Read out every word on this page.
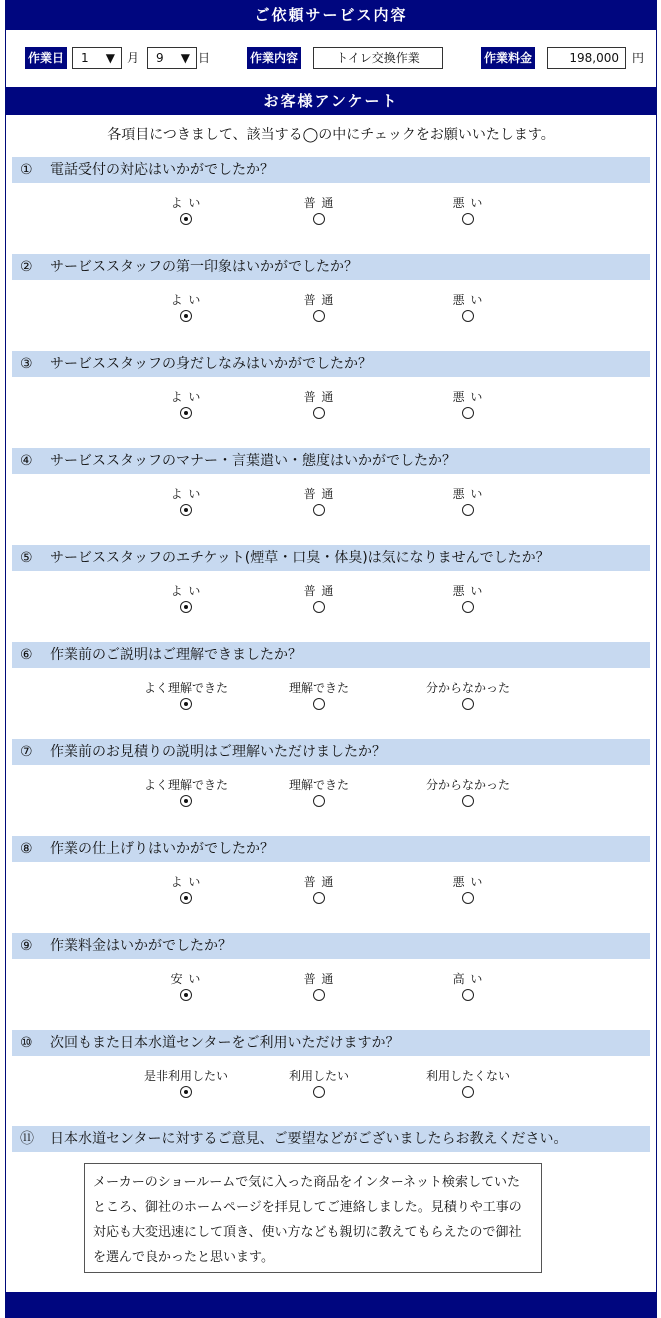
ご依頼サービス内容
作業日	1 ▼ 月	9 ▼ 日	作業内容	トイレ交換作業	作業料金	198,000	円
お客様アンケート
各項目につきまして、該当する◯の中にチェックをお願いいたします。
① 電話受付の対応はいかがでしたか？
よ い	普 通	悪 い
② サービススタッフの第一印象はいかがでしたか？
よ い	普 通	悪 い
③ サービススタッフの身だしなみはいかがでしたか？
よ い	普 通	悪 い
④ サービススタッフのマナー・言葉遣い・態度はいかがでしたか？
よ い	普 通	悪 い
⑤ サービススタッフのエチケット(煙草・口臭・体臭)は気になりませんでしたか？
よ い	普 通	悪 い
⑥ 作業前のご説明はご理解できましたか？
よく理解できた	理解できた	分からなかった
⑦ 作業前のお見積りの説明はご理解いただけましたか？
よく理解できた	理解できた	分からなかった
⑧ 作業の仕上げりはいかがでしたか？
よ い	普 通	悪 い
⑨ 作業料金はいかがでしたか？
安 い	普 通	高 い
⑩ 次回もまた日本水道センターをご利用いただけますか？
是非利用したい	利用したい	利用したくない
⑪ 日本水道センターに対するご意見、ご要望などがございましたらお教えください。
メーカーのショールームで気に入った商品をインターネット検索していたところ、御社のホームページを拝見してご連絡しました。見積りや工事の対応も大変迅速にして頂き、使い方なども親切に教えてもらえたので御社を選んで良かったと思います。
